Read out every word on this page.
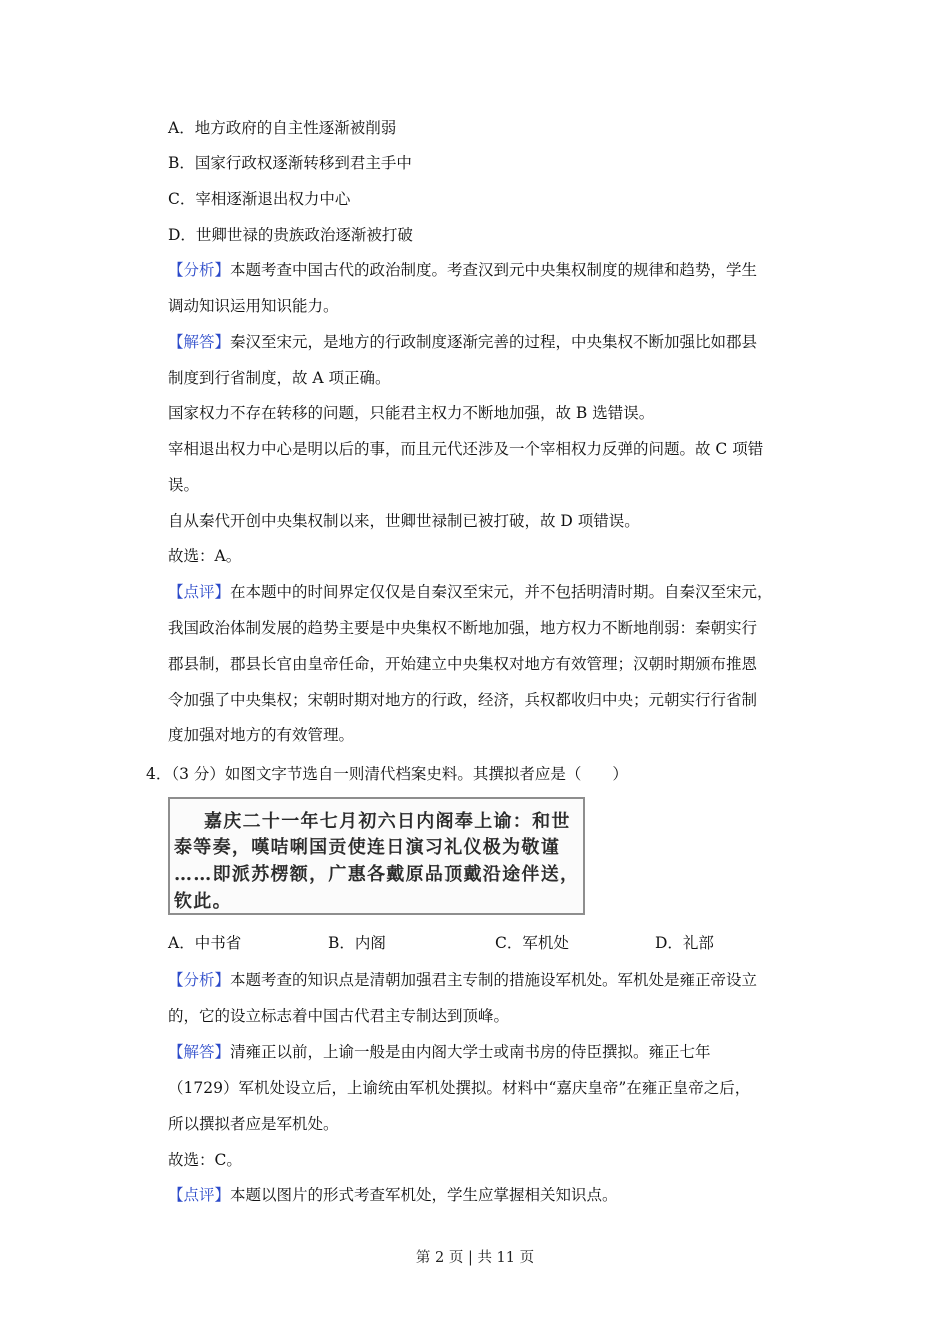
A．地方政府的自主性逐渐被削弱
B．国家行政权逐渐转移到君主手中
C．宰相逐渐退出权力中心
D．世卿世禄的贵族政治逐渐被打破
【分析】本题考查中国古代的政治制度。考查汉到元中央集权制度的规律和趋势，学生
调动知识运用知识能力。
【解答】秦汉至宋元，是地方的行政制度逐渐完善的过程，中央集权不断加强比如郡县
制度到行省制度，故 A 项正确。
国家权力不存在转移的问题，只能君主权力不断地加强，故 B 选错误。
宰相退出权力中心是明以后的事，而且元代还涉及一个宰相权力反弹的问题。故 C 项错
误。
自从秦代开创中央集权制以来，世卿世禄制已被打破，故 D 项错误。
故选：A。
【点评】在本题中的时间界定仅仅是自秦汉至宋元，并不包括明清时期。自秦汉至宋元，
我国政治体制发展的趋势主要是中央集权不断地加强，地方权力不断地削弱：秦朝实行
郡县制，郡县长官由皇帝任命，开始建立中央集权对地方有效管理；汉朝时期颁布推恩
令加强了中央集权；宋朝时期对地方的行政，经济，兵权都收归中央；元朝实行行省制
度加强对地方的有效管理。
4．（3 分）如图文字节选自一则清代档案史料。其撰拟者应是（　　）
嘉庆二十一年七月初六日内阁奉上谕：和世
泰等奏，嘆咭唎国贡使连日演习礼仪极为敬谨
……即派苏楞额，广惠各戴原品顶戴沿途伴送，
钦此。
A．中书省	B．内阁	C．军机处	D．礼部
【分析】本题考查的知识点是清朝加强君主专制的措施设军机处。军机处是雍正帝设立
的，它的设立标志着中国古代君主专制达到顶峰。
【解答】清雍正以前，上谕一般是由内阁大学士或南书房的侍臣撰拟。雍正七年
（1729）军机处设立后，上谕统由军机处撰拟。材料中“嘉庆皇帝”在雍正皇帝之后，
所以撰拟者应是军机处。
故选：C。
【点评】本题以图片的形式考查军机处，学生应掌握相关知识点。
第 2 页 | 共 11 页
